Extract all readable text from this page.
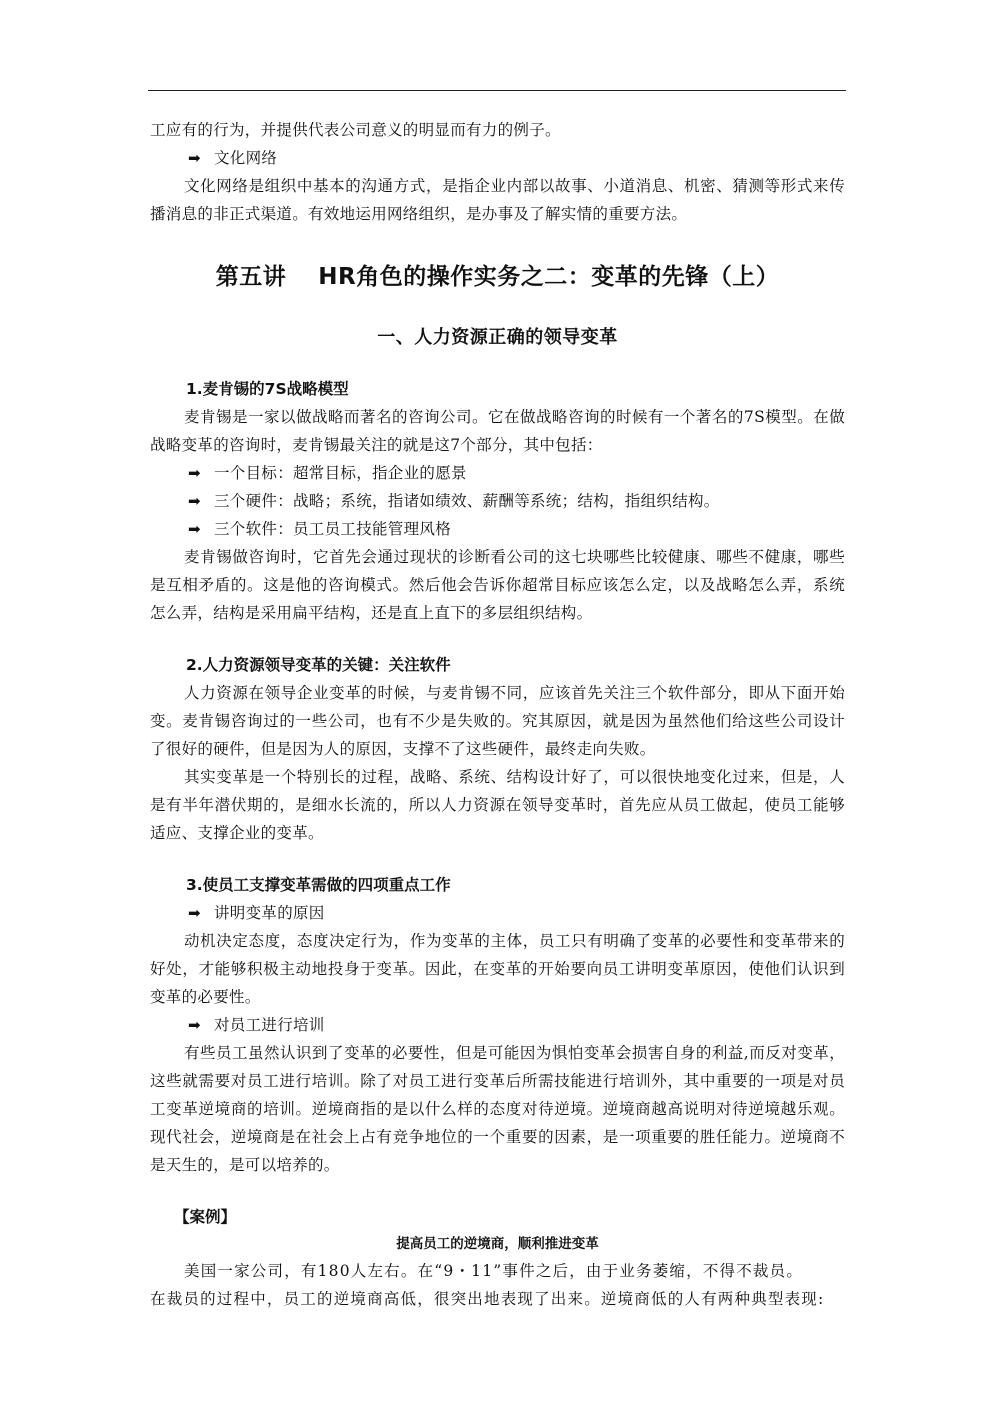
工应有的行为，并提供代表公司意义的明显而有力的例子。

➡ 文化网络

文化网络是组织中基本的沟通方式，是指企业内部以故事、小道消息、机密、猜测等形式来传播消息的非正式渠道。有效地运用网络组织，是办事及了解实情的重要方法。

第五讲　 HR角色的操作实务之二：变革的先锋（上）

一、人力资源正确的领导变革

1.麦肯锡的7S战略模型

麦肯锡是一家以做战略而著名的咨询公司。它在做战略咨询的时候有一个著名的7S模型。在做战略变革的咨询时，麦肯锡最关注的就是这7个部分，其中包括：

➡ 一个目标：超常目标，指企业的愿景

➡ 三个硬件：战略；系统，指诸如绩效、薪酬等系统；结构，指组织结构。

➡ 三个软件：员工员工技能管理风格

麦肯锡做咨询时，它首先会通过现状的诊断看公司的这七块哪些比较健康、哪些不健康，哪些是互相矛盾的。这是他的咨询模式。然后他会告诉你超常目标应该怎么定，以及战略怎么弄，系统怎么弄，结构是采用扁平结构，还是直上直下的多层组织结构。

2.人力资源领导变革的关键：关注软件

人力资源在领导企业变革的时候，与麦肯锡不同，应该首先关注三个软件部分，即从下面开始变。麦肯锡咨询过的一些公司，也有不少是失败的。究其原因，就是因为虽然他们给这些公司设计了很好的硬件，但是因为人的原因，支撑不了这些硬件，最终走向失败。

其实变革是一个特别长的过程，战略、系统、结构设计好了，可以很快地变化过来，但是，人是有半年潜伏期的，是细水长流的，所以人力资源在领导变革时，首先应从员工做起，使员工能够适应、支撑企业的变革。

3.使员工支撑变革需做的四项重点工作

➡ 讲明变革的原因

动机决定态度，态度决定行为，作为变革的主体，员工只有明确了变革的必要性和变革带来的好处，才能够积极主动地投身于变革。因此，在变革的开始要向员工讲明变革原因，使他们认识到变革的必要性。

➡ 对员工进行培训

有些员工虽然认识到了变革的必要性，但是可能因为惧怕变革会损害自身的利益,而反对变革，这些就需要对员工进行培训。除了对员工进行变革后所需技能进行培训外，其中重要的一项是对员工变革逆境商的培训。逆境商指的是以什么样的态度对待逆境。逆境商越高说明对待逆境越乐观。现代社会，逆境商是在社会上占有竞争地位的一个重要的因素，是一项重要的胜任能力。逆境商不是天生的，是可以培养的。

【案例】

提高员工的逆境商，顺利推进变革

美国一家公司，有180人左右。在“9・11”事件之后，由于业务萎缩，不得不裁员。

在裁员的过程中，员工的逆境商高低，很突出地表现了出来。逆境商低的人有两种典型表现:
